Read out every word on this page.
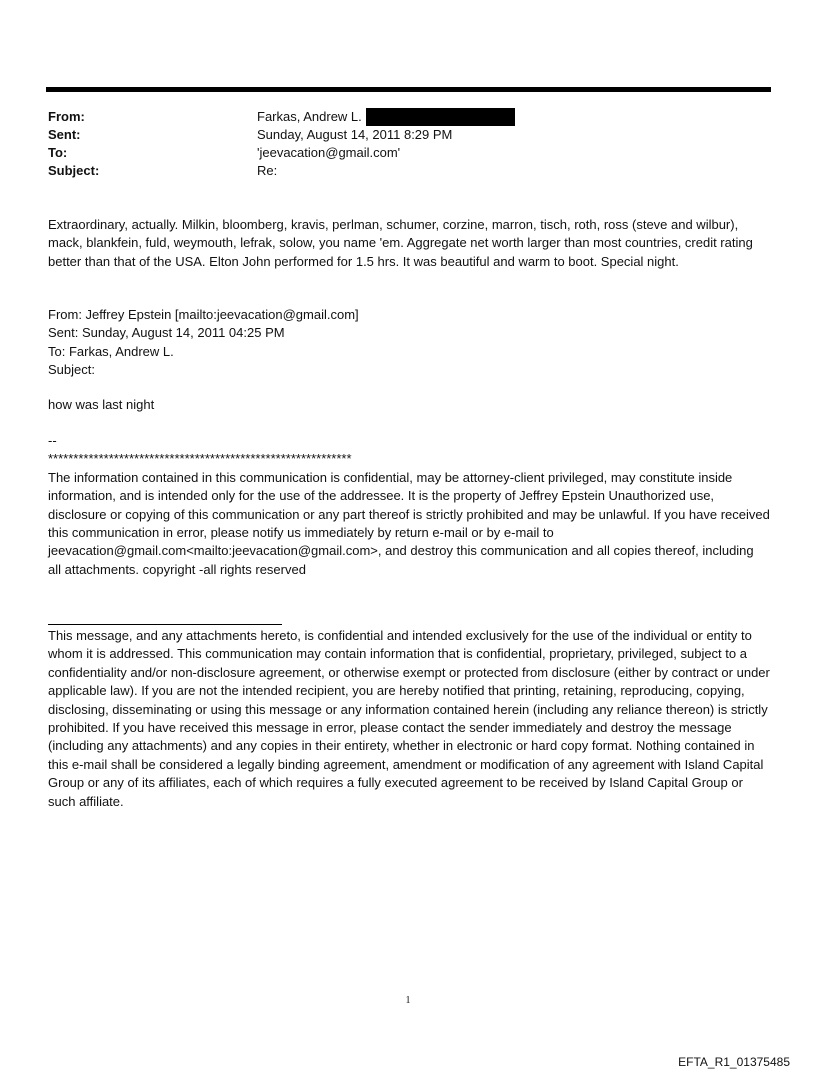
From:	Farkas, Andrew L.
Sent:	Sunday, August 14, 2011 8:29 PM
To:	'jeevacation@gmail.com'
Subject:	Re:

Extraordinary, actually. Milkin, bloomberg, kravis, perlman, schumer, corzine, marron, tisch, roth, ross (steve and wilbur), mack, blankfein, fuld, weymouth, lefrak, solow, you name 'em. Aggregate net worth larger than most countries, credit rating better than that of the USA. Elton John performed for 1.5 hrs. It was beautiful and warm to boot. Special night.

From: Jeffrey Epstein [mailto:jeevacation@gmail.com]

Sent: Sunday, August 14, 2011 04:25 PM

To: Farkas, Andrew L.

Subject:

how was last night

--

************************************************************

The information contained in this communication is confidential, may be attorney-client privileged, may constitute inside information, and is intended only for the use of the addressee. It is the property of Jeffrey Epstein Unauthorized use, disclosure or copying of this communication or any part thereof is strictly prohibited and may be unlawful. If you have received this communication in error, please notify us immediately by return e-mail or by e-mail to jeevacation@gmail.com<mailto:jeevacation@gmail.com>, and destroy this communication and all copies thereof, including all attachments. copyright -all rights reserved

This message, and any attachments hereto, is confidential and intended exclusively for the use of the individual or entity to whom it is addressed. This communication may contain information that is confidential, proprietary, privileged, subject to a confidentiality and/or non-disclosure agreement, or otherwise exempt or protected from disclosure (either by contract or under applicable law). If you are not the intended recipient, you are hereby notified that printing, retaining, reproducing, copying, disclosing, disseminating or using this message or any information contained herein (including any reliance thereon) is strictly prohibited. If you have received this message in error, please contact the sender immediately and destroy the message (including any attachments) and any copies in their entirety, whether in electronic or hard copy format. Nothing contained in this e-mail shall be considered a legally binding agreement, amendment or modification of any agreement with Island Capital Group or any of its affiliates, each of which requires a fully executed agreement to be received by Island Capital Group or such affiliate.

1
EFTA_R1_01375485
